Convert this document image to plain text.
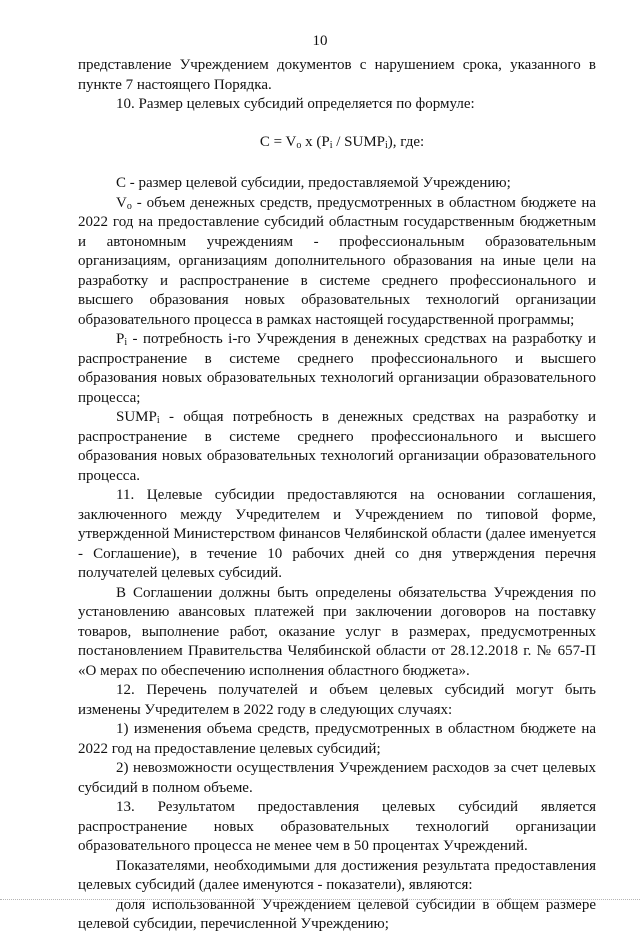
10

представление Учреждением документов с нарушением срока, указанного в пункте 7 настоящего Порядка.

10. Размер целевых субсидий определяется по формуле:

$C = V_o$ x ($P_i$ / $SUMP_i$), где:

С - размер целевой субсидии, предоставляемой Учреждению;

$V_o$ - объем денежных средств, предусмотренных в областном бюджете на 2022 год на предоставление субсидий областным государственным бюджетным и автономным учреждениям - профессиональным образовательным организациям, организациям дополнительного образования на иные цели на разработку и распространение в системе среднего профессионального и высшего образования новых образовательных технологий организации образовательного процесса в рамках настоящей государственной программы;

$P_i$ - потребность i-го Учреждения в денежных средствах на разработку и распространение в системе среднего профессионального и высшего образования новых образовательных технологий организации образовательного процесса;

$SUMP_i$ - общая потребность в денежных средствах на разработку и распространение в системе среднего профессионального и высшего образования новых образовательных технологий организации образовательного процесса.

11. Целевые субсидии предоставляются на основании соглашения, заключенного между Учредителем и Учреждением по типовой форме, утвержденной Министерством финансов Челябинской области (далее именуется - Соглашение), в течение 10 рабочих дней со дня утверждения перечня получателей целевых субсидий.

В Соглашении должны быть определены обязательства Учреждения по установлению авансовых платежей при заключении договоров на поставку товаров, выполнение работ, оказание услуг в размерах, предусмотренных постановлением Правительства Челябинской области от 28.12.2018 г. № 657-П «О мерах по обеспечению исполнения областного бюджета».

12. Перечень получателей и объем целевых субсидий могут быть изменены Учредителем в 2022 году в следующих случаях:

1) изменения объема средств, предусмотренных в областном бюджете на 2022 год на предоставление целевых субсидий;

2) невозможности осуществления Учреждением расходов за счет целевых субсидий в полном объеме.

13. Результатом предоставления целевых субсидий является распространение новых образовательных технологий организации образовательного процесса не менее чем в 50 процентах Учреждений.

Показателями, необходимыми для достижения результата предоставления целевых субсидий (далее именуются - показатели), являются:

доля использованной Учреждением целевой субсидии в общем размере целевой субсидии, перечисленной Учреждению;
